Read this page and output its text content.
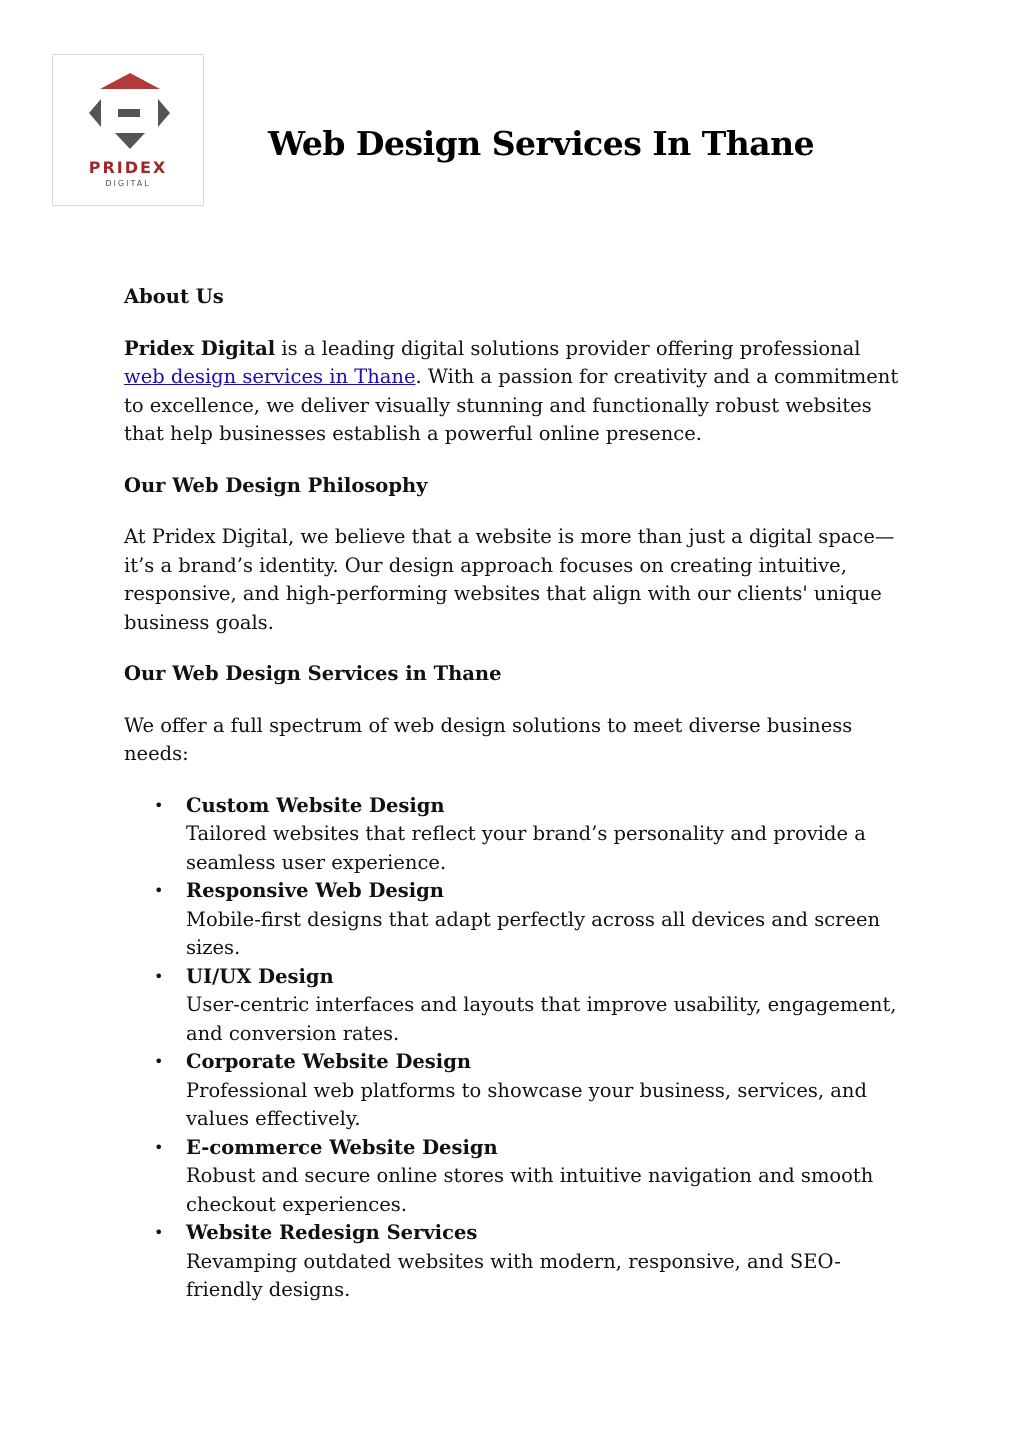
PRIDEX
DIGITAL
Web Design Services In Thane
About Us

Pridex Digital is a leading digital solutions provider offering professional web design services in Thane. With a passion for creativity and a commitment to excellence, we deliver visually stunning and functionally robust websites that help businesses establish a powerful online presence.

Our Web Design Philosophy

At Pridex Digital, we believe that a website is more than just a digital space—it’s a brand’s identity. Our design approach focuses on creating intuitive, responsive, and high-performing websites that align with our clients' unique business goals.

Our Web Design Services in Thane

We offer a full spectrum of web design solutions to meet diverse business needs:

• Custom Website Design
Tailored websites that reflect your brand’s personality and provide a seamless user experience.
• Responsive Web Design
Mobile-first designs that adapt perfectly across all devices and screen sizes.
• UI/UX Design
User-centric interfaces and layouts that improve usability, engagement, and conversion rates.
• Corporate Website Design
Professional web platforms to showcase your business, services, and values effectively.
• E-commerce Website Design
Robust and secure online stores with intuitive navigation and smooth checkout experiences.
• Website Redesign Services
Revamping outdated websites with modern, responsive, and SEO-friendly designs.
